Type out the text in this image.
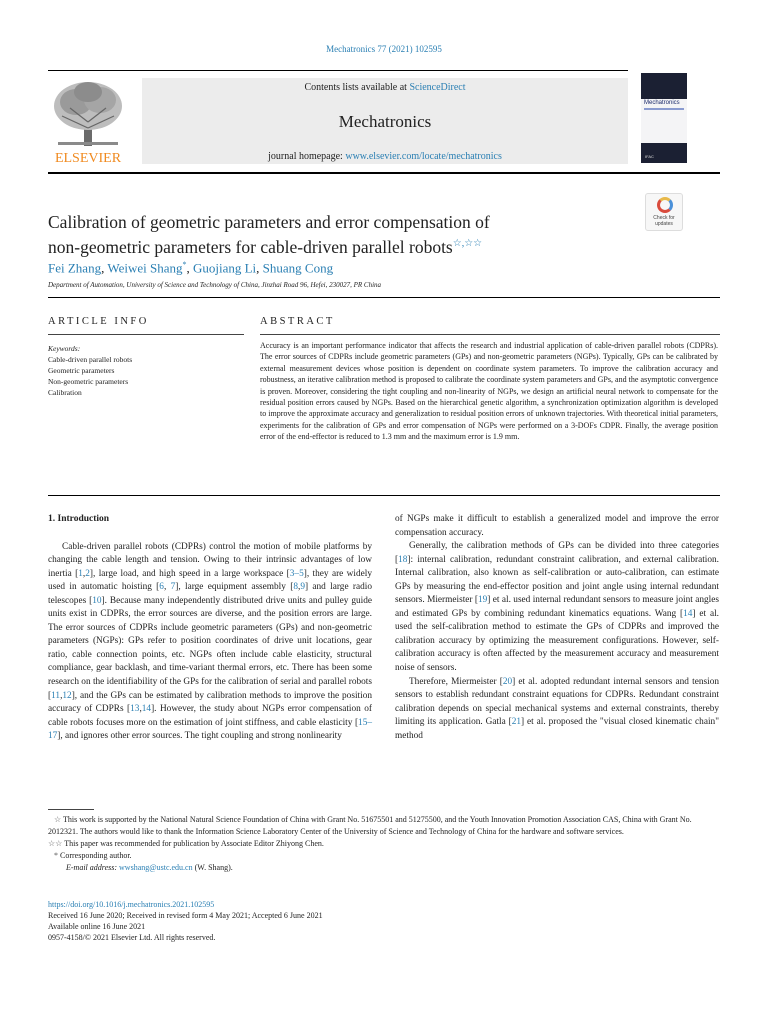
Mechatronics 77 (2021) 102595
ELSEVIER
Contents lists available at ScienceDirect
Mechatronics
journal homepage: www.elsevier.com/locate/mechatronics
Mechatronics
IFAC
Calibration of geometric parameters and error compensation of
non-geometric parameters for cable-driven parallel robots☆,☆☆
Check for
updates
Fei Zhang, Weiwei Shang*, Guojiang Li, Shuang Cong
Department of Automation, University of Science and Technology of China, Jinzhai Road 96, Hefei, 230027, PR China
ARTICLE INFO	ABSTRACT
Keywords:
Cable-driven parallel robots
Geometric parameters
Non-geometric parameters
Calibration
Accuracy is an important performance indicator that affects the research and industrial application of cable-driven parallel robots (CDPRs). The error sources of CDPRs include geometric parameters (GPs) and non-geometric parameters (NGPs). Typically, GPs can be calibrated by external measurement devices whose position is dependent on coordinate system parameters. To improve the calibration accuracy and robustness, an iterative calibration method is proposed to calibrate the coordinate system parameters and GPs, and the asymptotic convergence is proven. Moreover, considering the tight coupling and non-linearity of NGPs, we design an artificial neural network to compensate for the residual position errors caused by NGPs. Based on the hierarchical genetic algorithm, a synchronization optimization algorithm is developed to improve the approximate accuracy and generalization to residual position errors of unknown trajectories. With theoretical initial parameters, experiments for the calibration of GPs and error compensation of NGPs were performed on a 3-DOFs CDPR. Finally, the average position error of the end-effector is reduced to 1.3 mm and the maximum error is 1.9 mm.
1. Introduction

Cable-driven parallel robots (CDPRs) control the motion of mobile platforms by changing the cable length and tension. Owing to their intrinsic advantages of low inertia [1,2], large load, and high speed in a large workspace [3–5], they are widely used in automatic hoisting [6, 7], large equipment assembly [8,9] and large radio telescopes [10]. Because many independently distributed drive units and pulley guide units exist in CDPRs, the error sources are diverse, and the position errors are large. The error sources of CDPRs include geometric parameters (GPs) and non-geometric parameters (NGPs): GPs refer to position coordinates of drive unit locations, gear ratio, cable connection points, etc. NGPs often include cable elasticity, structural compliance, gear backlash, and time-variant thermal errors, etc. There has been some research on the identifiability of the GPs for the calibration of serial and parallel robots [11,12], and the GPs can be estimated by calibration methods to improve the position accuracy of CDPRs [13,14]. However, the study about NGPs error compensation of cable robots focuses more on the estimation of joint stiffness, and cable elasticity [15–17], and ignores other error sources. The tight coupling and strong nonlinearity

of NGPs make it difficult to establish a generalized model and improve the error compensation accuracy.

Generally, the calibration methods of GPs can be divided into three categories [18]: internal calibration, redundant constraint calibration, and external calibration. Internal calibration, also known as self-calibration or auto-calibration, can estimate GPs by measuring the end-effector position and joint angle using internal redundant sensors. Miermeister [19] et al. used internal redundant sensors to measure joint angles and estimated GPs by combining redundant kinematics equations. Wang [14] et al. used the self-calibration method to estimate the GPs of CDPRs and improved the calibration accuracy by optimizing the measurement configurations. However, self-calibration accuracy is often affected by the measurement accuracy and measurement noise of sensors.

Therefore, Miermeister [20] et al. adopted redundant internal sensors and tension sensors to establish redundant constraint equations for CDPRs. Redundant constraint calibration depends on special mechanical systems and external constraints, thereby limiting its application. Gatla [21] et al. proposed the "visual closed kinematic chain" method

☆ This work is supported by the National Natural Science Foundation of China with Grant No. 51675501 and 51275500, and the Youth Innovation Promotion Association CAS, China with Grant No. 2012321. The authors would like to thank the Information Science Laboratory Center of the University of Science and Technology of China for the hardware and software services.
☆☆ This paper was recommended for publication by Associate Editor Zhiyong Chen.
* Corresponding author.
E-mail address: wwshang@ustc.edu.cn (W. Shang).
https://doi.org/10.1016/j.mechatronics.2021.102595
Received 16 June 2020; Received in revised form 4 May 2021; Accepted 6 June 2021
Available online 16 June 2021
0957-4158/© 2021 Elsevier Ltd. All rights reserved.
